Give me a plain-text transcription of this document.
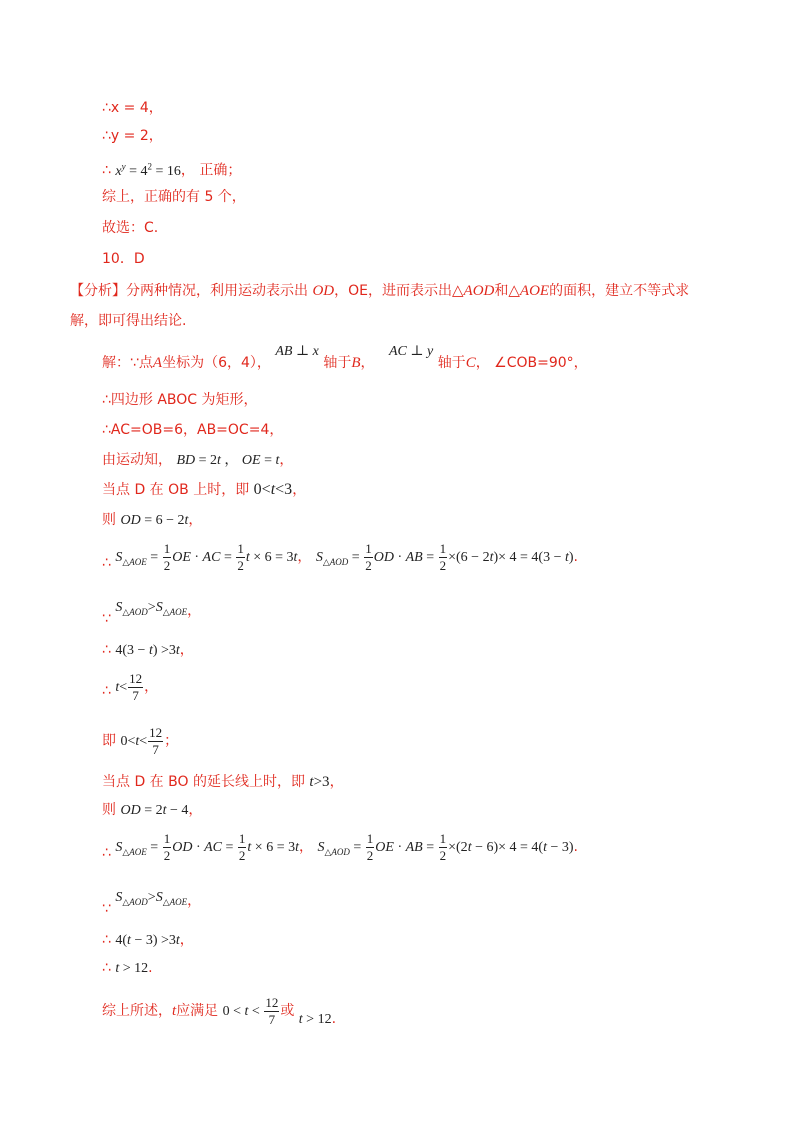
∴x = 4，
∴y = 2，
∴ $x^y = 4^2 = 16$， 正确；
综上，正确的有 5 个，
故选：C.
10．D
【分析】分两种情况，利用运动表示出 OD，OE，进而表示出△AOD和△AOE的面积，建立不等式求
解，即可得出结论.
解：∵点A坐标为（6，4）， AB ⊥ x 轴于B， AC ⊥ y 轴于C， ∠COB=90°，
∴四边形 ABOC 为矩形，
∴AC=OB=6，AB=OC=4，
由运动知， BD = 2t ， OE = t，
当点 D 在 OB 上时，即 0<t<3，
则 OD = 6 − 2t，
∴ $S_{\triangle AOE} = \frac{1}{2}$ OE · AC = $\frac{1}{2}$ t × 6 = 3t， $S_{\triangle AOD} = \frac{1}{2}$ OD · AB = $\frac{1}{2} \times(6 - 2t)\times 4 = 4(3 - t)$.
∵ $S_{\triangle AOD}>S_{\triangle AOE}$，
∴ 4(3 − t) >3t，
∴ $t< \frac{12}{7}$ ，
即 $0<t< \frac{12}{7}$ ；
当点 D 在 BO 的延长线上时，即 t>3，
则 OD = 2t − 4，
∴ $S_{\triangle AOE} = \frac{1}{2}$ OD · AC = $\frac{1}{2}$ t × 6 = 3t， $S_{\triangle AOD} = \frac{1}{2}$ OE · AB = $\frac{1}{2} \times(2t - 6)\times 4 = 4(t - 3)$.
∵ $S_{\triangle AOD}>S_{\triangle AOE}$，
∴ 4(t − 3) >3t，
∴ t > 12.
综上所述，t应满足 $0 < t < \frac{12}{7}$ 或 t > 12.
